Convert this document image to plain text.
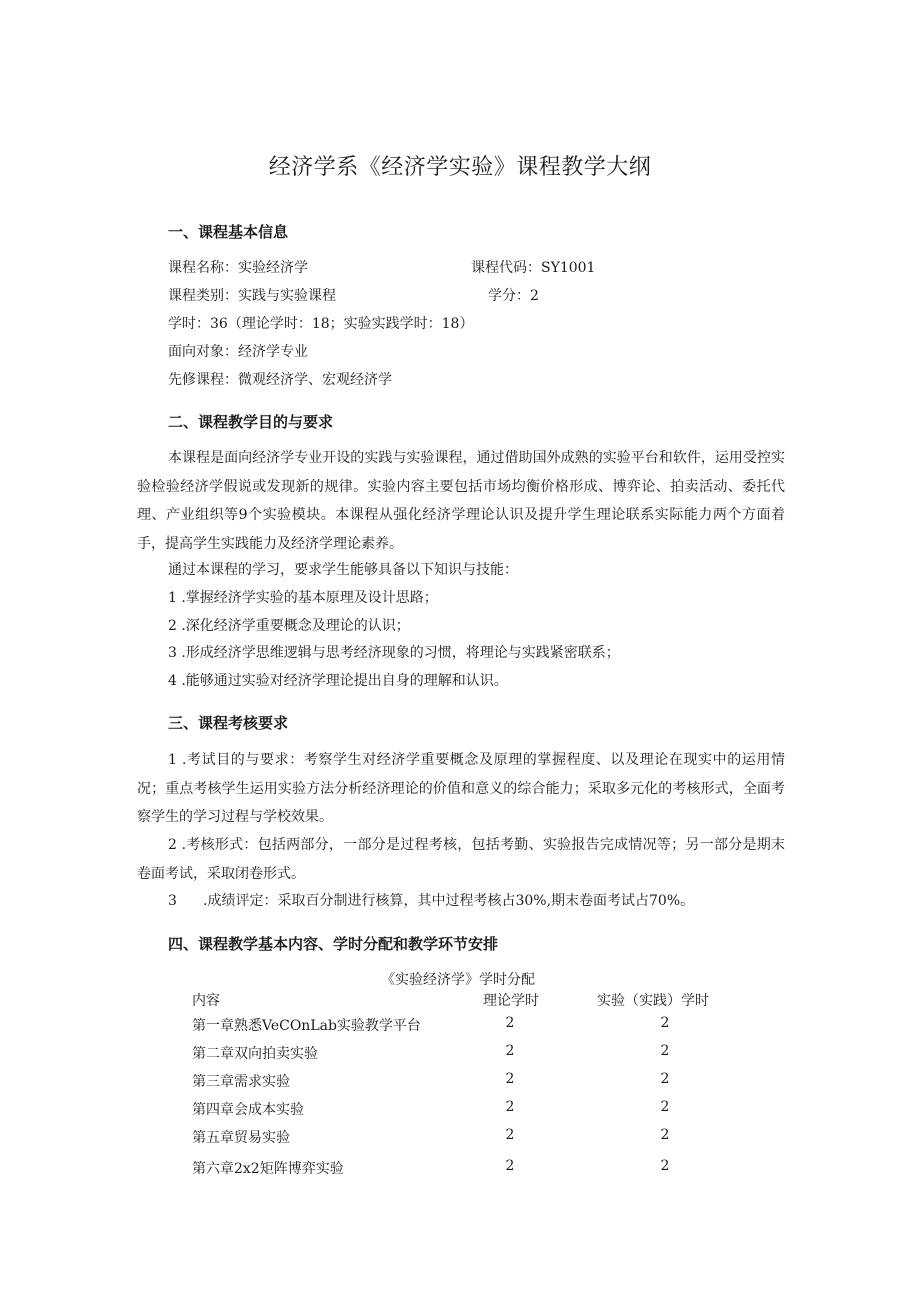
经济学系《经济学实验》课程教学大纲
一、课程基本信息
课程名称：实验经济学	课程代码：SY1001
课程类别：实践与实验课程	学分：2
学时：36（理论学时：18；实验实践学时：18）
面向对象：经济学专业
先修课程：微观经济学、宏观经济学
二、课程教学目的与要求

本课程是面向经济学专业开设的实践与实验课程，通过借助国外成熟的实验平台和软件，运用受控实验检验经济学假说或发现新的规律。实验内容主要包括市场均衡价格形成、博弈论、拍卖活动、委托代理、产业组织等9个实验模块。本课程从强化经济学理论认识及提升学生理论联系实际能力两个方面着手，提高学生实践能力及经济学理论素养。

通过本课程的学习，要求学生能够具备以下知识与技能：
1 .掌握经济学实验的基本原理及设计思路；
2 .深化经济学重要概念及理论的认识；
3 .形成经济学思维逻辑与思考经济现象的习惯，将理论与实践紧密联系；
4 .能够通过实验对经济学理论提出自身的理解和认识。
三、课程考核要求

1 .考试目的与要求：考察学生对经济学重要概念及原理的掌握程度、以及理论在现实中的运用情况；重点考核学生运用实验方法分析经济理论的价值和意义的综合能力；采取多元化的考核形式，全面考察学生的学习过程与学校效果。

2 .考核形式：包括两部分，一部分是过程考核，包括考勤、实验报告完成情况等；另一部分是期末卷面考试，采取闭卷形式。

3 .成绩评定：采取百分制进行核算，其中过程考核占30%,期末卷面考试占70%。
四、课程教学基本内容、学时分配和教学环节安排
《实验经济学》学时分配
内容	理论学时	实验（实践）学时
第一章熟悉VeCOnLab实验教学平台	2	2
第二章双向拍卖实验	2	2
第三章需求实验	2	2
第四章会成本实验	2	2
第五章贸易实验	2	2
第六章2x2矩阵博弈实验	2	2
